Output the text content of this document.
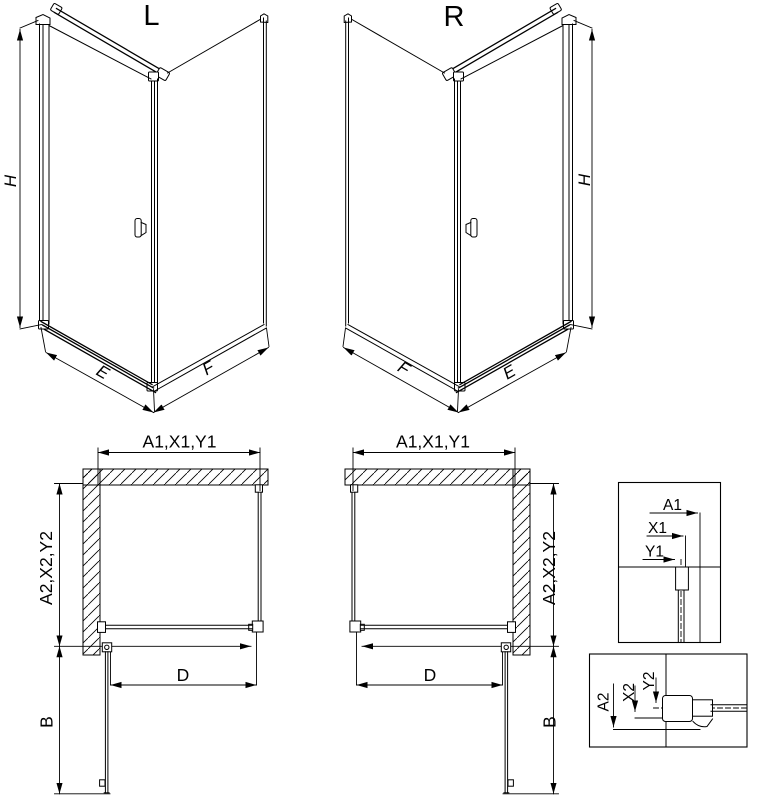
L	R
H	H
E	F	F	E
A1,X1,Y1	A1,X1,Y1
A2,X2,Y2	A2,X2,Y2
B	B
D	D
A1
X1
Y1
A2
X2
Y2
